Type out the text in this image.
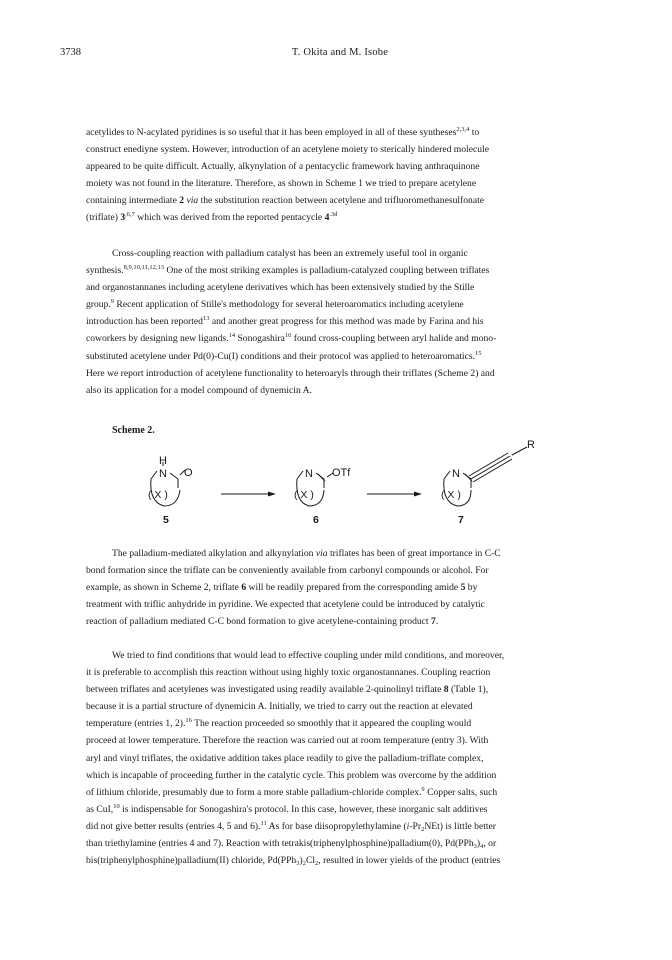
3738	T. Okita and M. Isobe

acetylides to N-acylated pyridines is so useful that it has been employed in all of these syntheses$^{2,3,4}$ to

construct enediyne system. However, introduction of an acetylene moiety to sterically hindered molecule

appeared to be quite difficult. Actually, alkynylation of a pentacyclic framework having anthraquinone

moiety was not found in the literature. Therefore, as shown in Scheme 1 we tried to prepare acetylene

containing intermediate 2 via the substitution reaction between acetylene and trifluoromethanesulfonate

(triflate) $3^{,6,7}$ which was derived from the reported pentacycle $4^{.3d}$

Cross-coupling reaction with palladium catalyst has been an extremely useful tool in organic

synthesis.$^{8,9,10,11,12,13}$ One of the most striking examples is palladium-catalyzed coupling between triflates

and organostannanes including acetylene derivatives which has been extensively studied by the Stille

group.$^9$ Recent application of Stille's methodology for several heteroaromatics including acetylene

introduction has been reported$^{13}$ and another great progress for this method was made by Farina and his

coworkers by designing new ligands.$^{14}$ Sonogashira$^{10}$ found cross-coupling between aryl halide and mono-

substituted acetylene under Pd(0)-Cu(I) conditions and their protocol was applied to heteroaromatics.$^{15}$

Here we report introduction of acetylene functionality to heteroaryls through their triflates (Scheme 2) and

also its application for a model compound of dynemicin A.

Scheme 2.
H
N O
( X )
N OTf
( X )
N
R
( X )
5	6	7

The palladium-mediated alkylation and alkynylation via triflates has been of great importance in C-C

bond formation since the triflate can be conveniently available from carbonyl compounds or alcohol. For

example, as shown in Scheme 2, triflate 6 will be readily prepared from the corresponding amide 5 by

treatment with triflic anhydride in pyridine. We expected that acetylene could be introduced by catalytic

reaction of palladium mediated C-C bond formation to give acetylene-containing product 7.

We tried to find conditions that would lead to effective coupling under mild conditions, and moreover,

it is preferable to accomplish this reaction without using highly toxic organostannanes. Coupling reaction

between triflates and acetylenes was investigated using readily available 2-quinolinyl triflate 8 (Table 1),

because it is a partial structure of dynemicin A. Initially, we tried to carry out the reaction at elevated

temperature (entries 1, 2).$^{16}$ The reaction proceeded so smoothly that it appeared the coupling would

proceed at lower temperature. Therefore the reaction was carried out at room temperature (entry 3). With

aryl and vinyl triflates, the oxidative addition takes place readily to give the palladium-triflate complex,

which is incapable of proceeding further in the catalytic cycle. This problem was overcome by the addition

of lithium chloride, presumably due to form a more stable palladium-chloride complex.$^9$ Copper salts, such

as CuI,$^{10}$ is indispensable for Sonogashira's protocol. In this case, however, these inorganic salt additives

did not give better results (entries 4, 5 and 6).$^{11}$ As for base diisopropylethylamine $(i-Pr_2NEt)$ is little better

than triethylamine (entries 4 and 7). Reaction with tetrakis(triphenylphosphine)palladium(0), $Pd(PPh_3)_4$, or

bis(triphenylphosphine)palladium(II) chloride, $Pd(PPh_3)_2Cl_2$, resulted in lower yields of the product (entries
